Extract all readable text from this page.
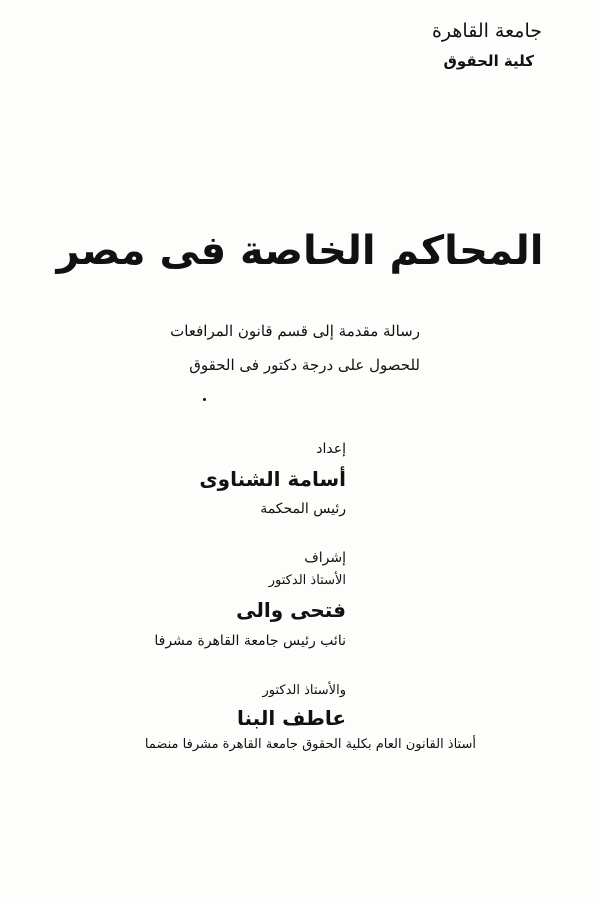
جامعة القاهرة
كلية الحقوق
المحاكم الخاصة فى مصر
رسالة مقدمة إلى قسم قانون المرافعات
للحصول على درجة دكتور فى الحقوق
إعداد
أسامة الشناوى
رئيس المحكمة
إشراف
الأستاذ الدكتور
فتحى والى
نائب رئيس جامعة القاهرة مشرفا
والأستاذ الدكتور
عاطف البنا
أستاذ القانون العام بكلية الحقوق جامعة القاهرة مشرفا منضما
